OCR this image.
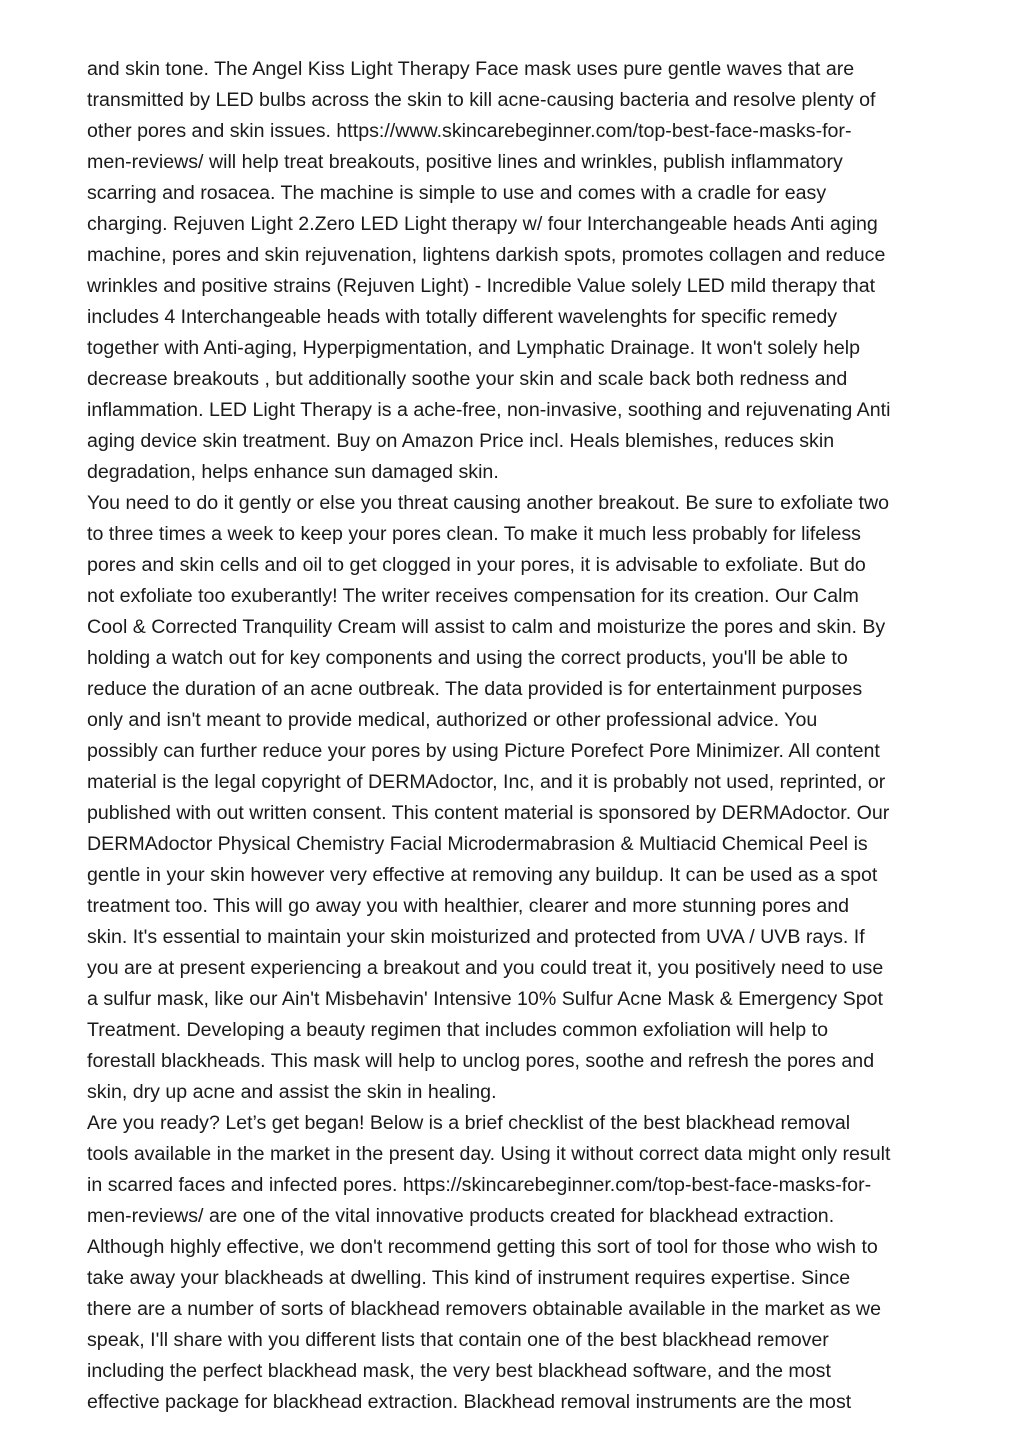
and skin tone. The Angel Kiss Light Therapy Face mask uses pure gentle waves that are
transmitted by LED bulbs across the skin to kill acne-causing bacteria and resolve plenty of
other pores and skin issues. https://www.skincarebeginner.com/top-best-face-masks-for-
men-reviews/ will help treat breakouts, positive lines and wrinkles, publish inflammatory
scarring and rosacea. The machine is simple to use and comes with a cradle for easy
charging. Rejuven Light 2.Zero LED Light therapy w/ four Interchangeable heads Anti aging
machine, pores and skin rejuvenation, lightens darkish spots, promotes collagen and reduce
wrinkles and positive strains (Rejuven Light) - Incredible Value solely LED mild therapy that
includes 4 Interchangeable heads with totally different wavelenghts for specific remedy
together with Anti-aging, Hyperpigmentation, and Lymphatic Drainage. It won't solely help
decrease breakouts , but additionally soothe your skin and scale back both redness and
inflammation. LED Light Therapy is a ache-free, non-invasive, soothing and rejuvenating Anti
aging device skin treatment. Buy on Amazon Price incl. Heals blemishes, reduces skin
degradation, helps enhance sun damaged skin.
You need to do it gently or else you threat causing another breakout. Be sure to exfoliate two
to three times a week to keep your pores clean. To make it much less probably for lifeless
pores and skin cells and oil to get clogged in your pores, it is advisable to exfoliate. But do
not exfoliate too exuberantly! The writer receives compensation for its creation. Our Calm
Cool & Corrected Tranquility Cream will assist to calm and moisturize the pores and skin. By
holding a watch out for key components and using the correct products, you'll be able to
reduce the duration of an acne outbreak. The data provided is for entertainment purposes
only and isn't meant to provide medical, authorized or other professional advice. You
possibly can further reduce your pores by using Picture Porefect Pore Minimizer. All content
material is the legal copyright of DERMAdoctor, Inc, and it is probably not used, reprinted, or
published with out written consent. This content material is sponsored by DERMAdoctor. Our
DERMAdoctor Physical Chemistry Facial Microdermabrasion & Multiacid Chemical Peel is
gentle in your skin however very effective at removing any buildup. It can be used as a spot
treatment too. This will go away you with healthier, clearer and more stunning pores and
skin. It's essential to maintain your skin moisturized and protected from UVA / UVB rays. If
you are at present experiencing a breakout and you could treat it, you positively need to use
a sulfur mask, like our Ain't Misbehavin' Intensive 10% Sulfur Acne Mask & Emergency Spot
Treatment. Developing a beauty regimen that includes common exfoliation will help to
forestall blackheads. This mask will help to unclog pores, soothe and refresh the pores and
skin, dry up acne and assist the skin in healing.
Are you ready? Let’s get began! Below is a brief checklist of the best blackhead removal
tools available in the market in the present day. Using it without correct data might only result
in scarred faces and infected pores. https://skincarebeginner.com/top-best-face-masks-for-
men-reviews/ are one of the vital innovative products created for blackhead extraction.
Although highly effective, we don't recommend getting this sort of tool for those who wish to
take away your blackheads at dwelling. This kind of instrument requires expertise. Since
there are a number of sorts of blackhead removers obtainable available in the market as we
speak, I'll share with you different lists that contain one of the best blackhead remover
including the perfect blackhead mask, the very best blackhead software, and the most
effective package for blackhead extraction. Blackhead removal instruments are the most
